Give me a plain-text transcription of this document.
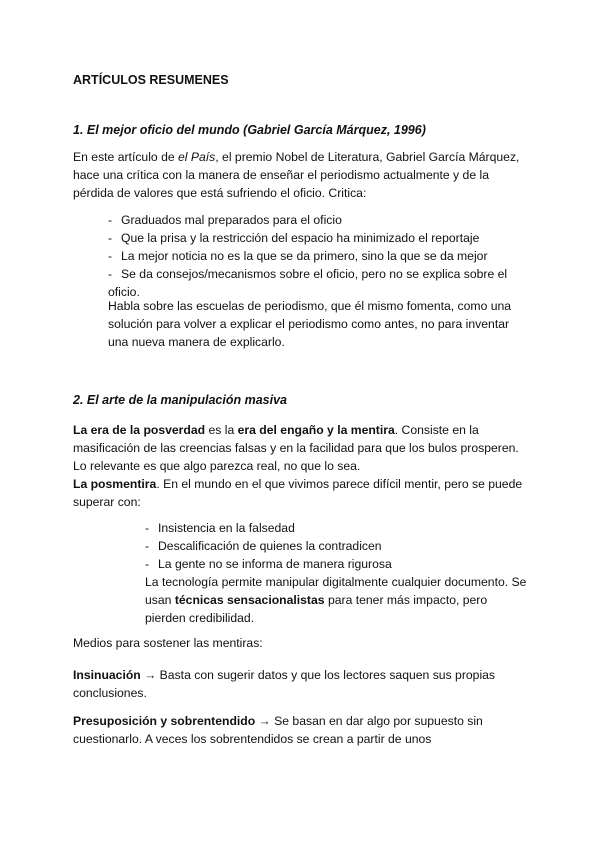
ARTÍCULOS RESUMENES
1. El mejor oficio del mundo (Gabriel García Márquez, 1996)

En este artículo de el País, el premio Nobel de Literatura, Gabriel García Márquez, hace una crítica con la manera de enseñar el periodismo actualmente y de la pérdida de valores que está sufriendo el oficio. Critica:

- Graduados mal preparados para el oficio
- Que la prisa y la restricción del espacio ha minimizado el reportaje
- La mejor noticia no es la que se da primero, sino la que se da mejor
- Se da consejos/mecanismos sobre el oficio, pero no se explica sobre el oficio.

Habla sobre las escuelas de periodismo, que él mismo fomenta, como una solución para volver a explicar el periodismo como antes, no para inventar una nueva manera de explicarlo.

2. El arte de la manipulación masiva

La era de la posverdad es la era del engaño y la mentira. Consiste en la masificación de las creencias falsas y en la facilidad para que los bulos prosperen. Lo relevante es que algo parezca real, no que lo sea.

La posmentira. En el mundo en el que vivimos parece difícil mentir, pero se puede superar con:

- Insistencia en la falsedad
- Descalificación de quienes la contradicen
- La gente no se informa de manera rigurosa

La tecnología permite manipular digitalmente cualquier documento. Se usan técnicas sensacionalistas para tener más impacto, pero pierden credibilidad.

Medios para sostener las mentiras:

Insinuación → Basta con sugerir datos y que los lectores saquen sus propias conclusiones.

Presuposición y sobrentendido → Se basan en dar algo por supuesto sin cuestionarlo. A veces los sobrentendidos se crean a partir de unos
